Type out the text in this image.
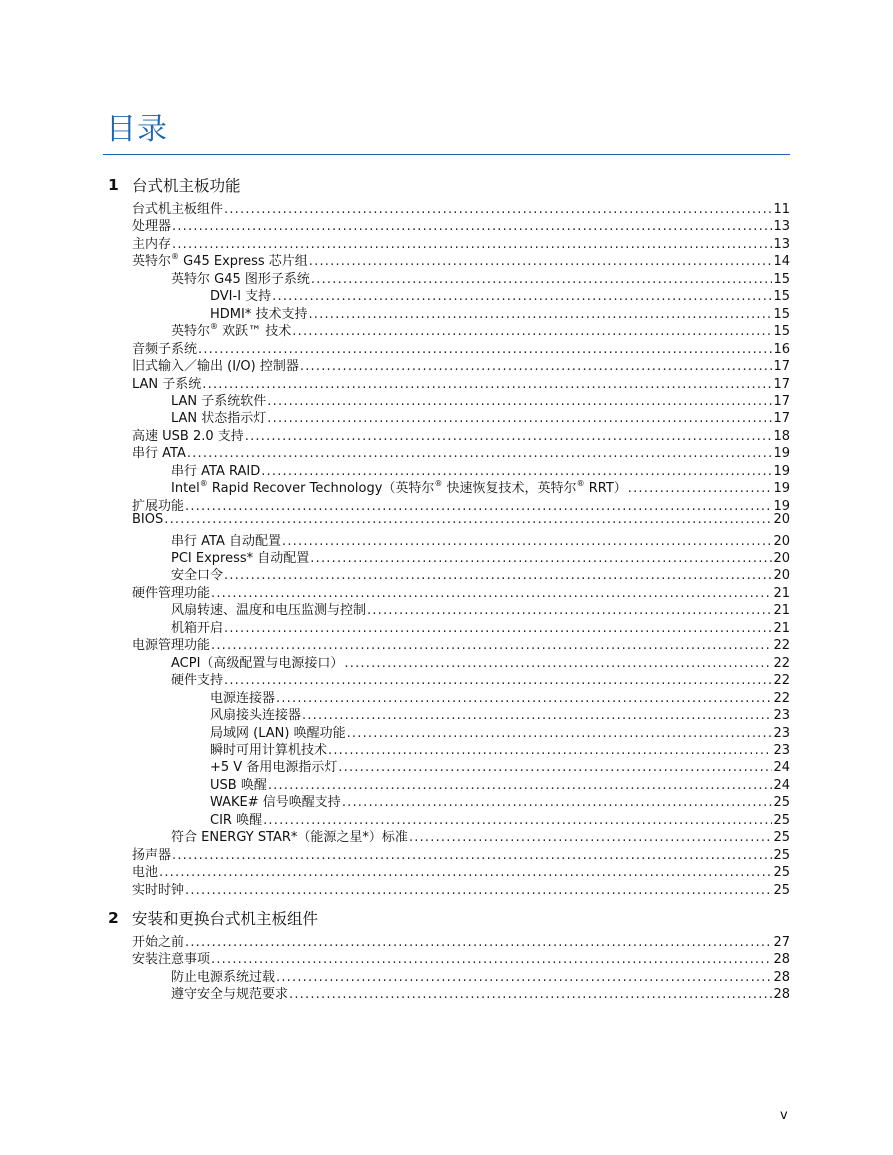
目录
1 台式机主板功能
台式机主板组件 .....	11
处理器 .....	13
主内存 .....	13
英特尔® G45 Express 芯片组 .....	14
英特尔 G45 图形子系统 .....	15
DVI-I 支持 .....	15
HDMI* 技术支持 .....	15
英特尔® 欢跃™ 技术 .....	15
音频子系统 .....	16
旧式输入／输出 (I/O) 控制器 .....	17
LAN 子系统 .....	17
LAN 子系统软件 .....	17
LAN 状态指示灯 .....	17
高速 USB 2.0 支持 .....	18
串行 ATA .....	19
串行 ATA RAID .....	19
Intel® Rapid Recover Technology（英特尔® 快速恢复技术，英特尔® RRT） .....	19
扩展功能 .....	19
BIOS .....	20
串行 ATA 自动配置 .....	20
PCI Express* 自动配置 .....	20
安全口令 .....	20
硬件管理功能 .....	21
风扇转速、温度和电压监测与控制 .....	21
机箱开启 .....	21
电源管理功能 .....	22
ACPI（高级配置与电源接口） .....	22
硬件支持 .....	22
电源连接器 .....	22
风扇接头连接器 .....	23
局域网 (LAN) 唤醒功能 .....	23
瞬时可用计算机技术 .....	23
+5 V 备用电源指示灯 .....	24
USB 唤醒 .....	24
WAKE# 信号唤醒支持 .....	25
CIR 唤醒 .....	25
符合 ENERGY STAR*（能源之星*）标准 .....	25
扬声器 .....	25
电池 .....	25
实时时钟 .....	25
2 安装和更换台式机主板组件
开始之前 .....	27
安装注意事项 .....	28
防止电源系统过载 .....	28
遵守安全与规范要求 .....	28
v
